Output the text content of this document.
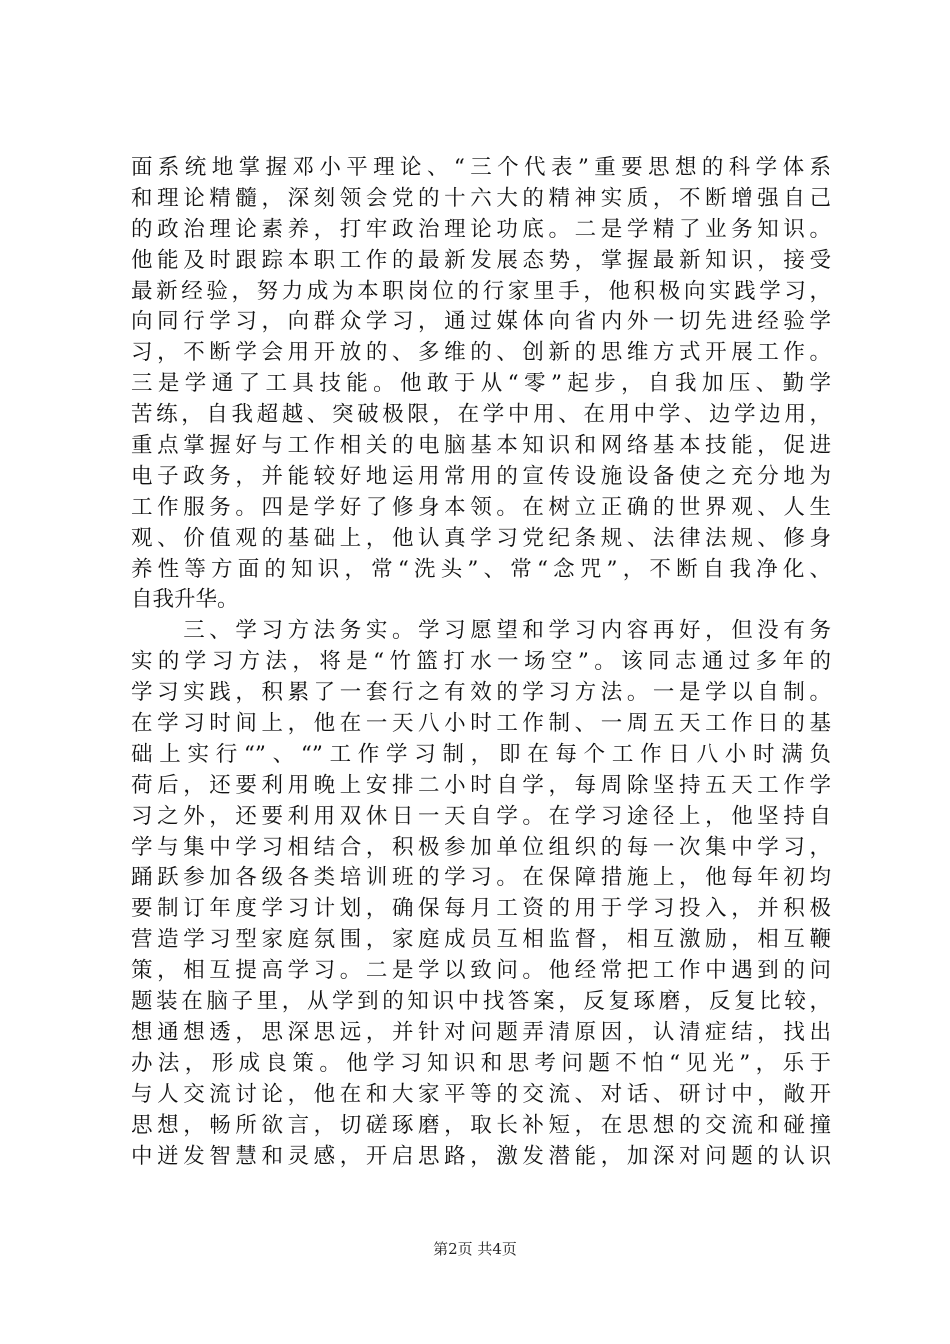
面系统地掌握邓小平理论、“三个代表”重要思想的科学体系
和理论精髓，深刻领会党的十六大的精神实质，不断增强自己
的政治理论素养，打牢政治理论功底。二是学精了业务知识。
他能及时跟踪本职工作的最新发展态势，掌握最新知识，接受
最新经验，努力成为本职岗位的行家里手，他积极向实践学习，
向同行学习，向群众学习，通过媒体向省内外一切先进经验学
习，不断学会用开放的、多维的、创新的思维方式开展工作。
三是学通了工具技能。他敢于从“零”起步，自我加压、勤学
苦练，自我超越、突破极限，在学中用、在用中学、边学边用，
重点掌握好与工作相关的电脑基本知识和网络基本技能，促进
电子政务，并能较好地运用常用的宣传设施设备使之充分地为
工作服务。四是学好了修身本领。在树立正确的世界观、人生
观、价值观的基础上，他认真学习党纪条规、法律法规、修身
养性等方面的知识，常“洗头”、常“念咒”，不断自我净化、
自我升华。
　　三、学习方法务实。学习愿望和学习内容再好，但没有务
实的学习方法，将是“竹篮打水一场空”。该同志通过多年的
学习实践，积累了一套行之有效的学习方法。一是学以自制。
在学习时间上，他在一天八小时工作制、一周五天工作日的基
础上实行“”、“”工作学习制，即在每个工作日八小时满负
荷后，还要利用晚上安排二小时自学，每周除坚持五天工作学
习之外，还要利用双休日一天自学。在学习途径上，他坚持自
学与集中学习相结合，积极参加单位组织的每一次集中学习，
踊跃参加各级各类培训班的学习。在保障措施上，他每年初均
要制订年度学习计划，确保每月工资的用于学习投入，并积极
营造学习型家庭氛围，家庭成员互相监督，相互激励，相互鞭
策，相互提高学习。二是学以致问。他经常把工作中遇到的问
题装在脑子里，从学到的知识中找答案，反复琢磨，反复比较，
想通想透，思深思远，并针对问题弄清原因，认清症结，找出
办法，形成良策。他学习知识和思考问题不怕“见光”，乐于
与人交流讨论，他在和大家平等的交流、对话、研讨中，敞开
思想，畅所欲言，切磋琢磨，取长补短，在思想的交流和碰撞
中迸发智慧和灵感，开启思路，激发潜能，加深对问题的认识
第2页 共4页
